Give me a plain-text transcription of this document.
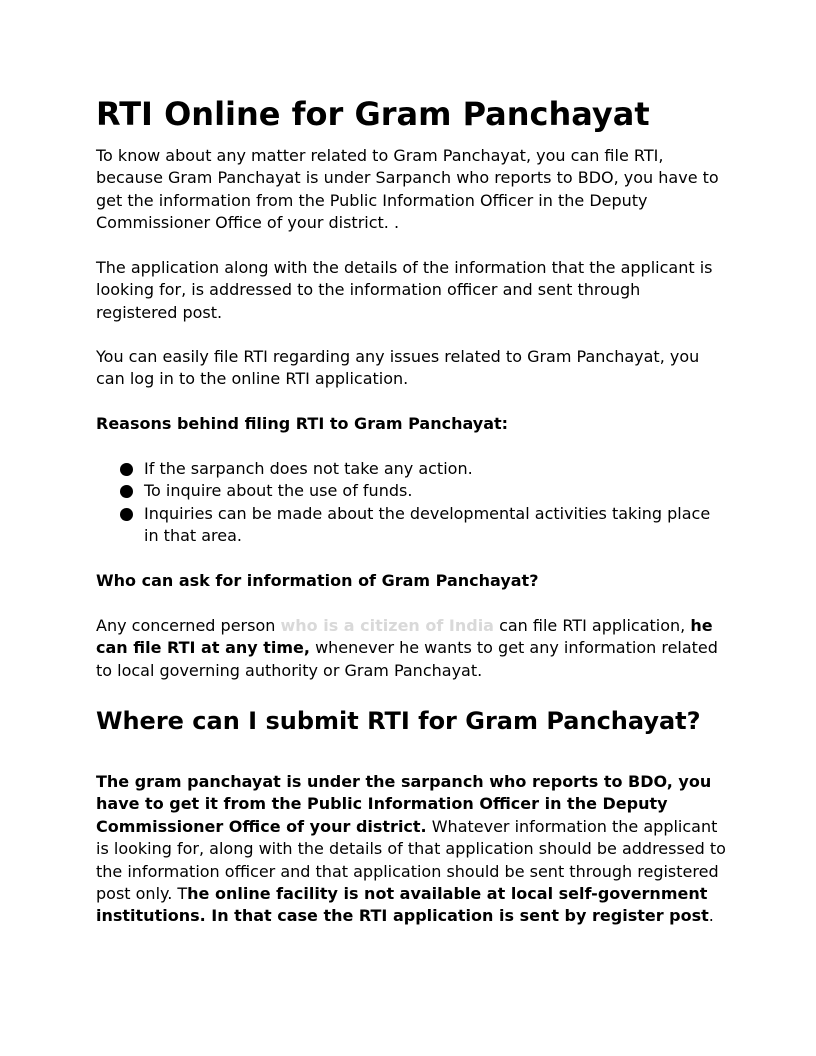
RTI Online for Gram Panchayat

To know about any matter related to Gram Panchayat, you can file RTI, because Gram Panchayat is under Sarpanch who reports to BDO, you have to get the information from the Public Information Officer in the Deputy Commissioner Office of your district. .

The application along with the details of the information that the applicant is looking for, is addressed to the information officer and sent through registered post.

You can easily file RTI regarding any issues related to Gram Panchayat, you can log in to the online RTI application.

Reasons behind filing RTI to Gram Panchayat:

If the sarpanch does not take any action.
To inquire about the use of funds.
Inquiries can be made about the developmental activities taking place in that area.

Who can ask for information of Gram Panchayat?

Any concerned person who is a citizen of India can file RTI application, he can file RTI at any time, whenever he wants to get any information related to local governing authority or Gram Panchayat.

Where can I submit RTI for Gram Panchayat?

The gram panchayat is under the sarpanch who reports to BDO, you have to get it from the Public Information Officer in the Deputy Commissioner Office of your district. Whatever information the applicant is looking for, along with the details of that application should be addressed to the information officer and that application should be sent through registered post only. The online facility is not available at local self-government institutions. In that case the RTI application is sent by register post.
